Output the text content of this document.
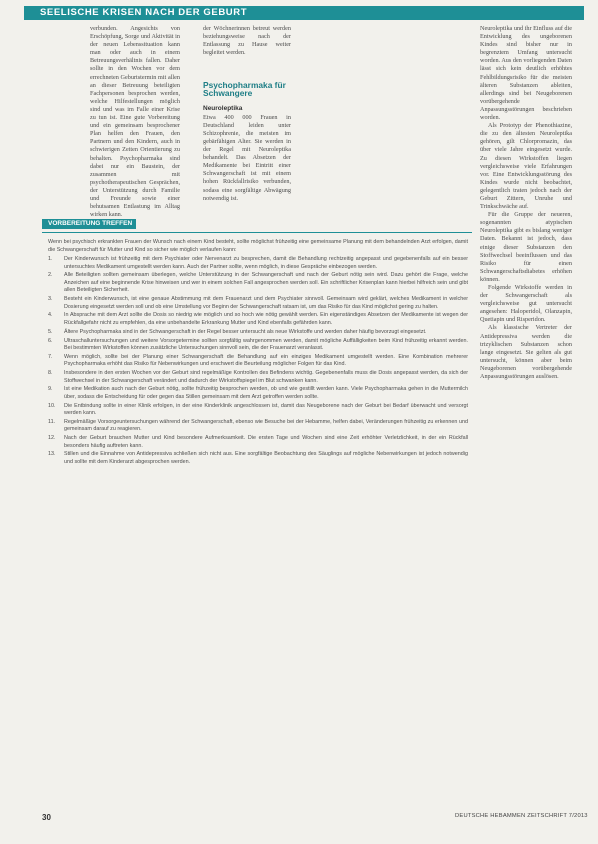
SEELISCHE KRISEN NACH DER GEBURT

verbunden. Angesichts von Erschöpfung, Sorge und Aktivität in der neuen Lebenssituation kann man oder auch in einem Betreuungsverhältnis fallen. Daher sollte in den Wochen vor dem errechneten Geburtstermin mit allen an dieser Betreuung beteiligten Fachpersonen besprochen werden, welche Hilfestellungen möglich sind und was im Falle einer Krise zu tun ist. Eine gute Vorbereitung und ein gemeinsam besprochener Plan helfen den Frauen, den Partnern und den Kindern, auch in schwierigen Zeiten Orientierung zu behalten. Psychopharmaka sind dabei nur ein Baustein, der zusammen mit psychotherapeutischen Gesprächen, der Unterstützung durch Familie und Freunde sowie einer behutsamen Entlastung im Alltag wirken kann.

der Wöchnerinnen betreut werden beziehungsweise nach der Entlassung zu Hause weiter begleitet werden.

Psychopharmaka für Schwangere
Neuroleptika

Etwa 400 000 Frauen in Deutschland leiden unter Schizophrenie, die meisten im gebärfähigen Alter. Sie werden in der Regel mit Neuroleptika behandelt. Das Absetzen der Medikamente bei Eintritt einer Schwangerschaft ist mit einem hohen Rückfallrisiko verbunden, sodass eine sorgfältige Abwägung notwendig ist.

Neuroleptika und ihr Einfluss auf die Entwicklung des ungeborenen Kindes sind bisher nur in begrenztem Umfang untersucht worden. Aus den vorliegenden Daten lässt sich kein deutlich erhöhtes Fehlbildungsrisiko für die meisten älteren Substanzen ableiten, allerdings sind bei Neugeborenen vorübergehende Anpassungsstörungen beschrieben worden.

Als Prototyp der Phenothiazine, die zu den ältesten Neuroleptika gehören, gilt Chlorpromazin, das über viele Jahre eingesetzt wurde. Zu diesen Wirkstoffen liegen vergleichsweise viele Erfahrungen vor. Eine Entwicklungsstörung des Kindes wurde nicht beobachtet, gelegentlich traten jedoch nach der Geburt Zittern, Unruhe und Trinkschwäche auf.

Für die Gruppe der neueren, sogenannten atypischen Neuroleptika gibt es bislang weniger Daten. Bekannt ist jedoch, dass einige dieser Substanzen den Stoffwechsel beeinflussen und das Risiko für einen Schwangerschaftsdiabetes erhöhen können.

Folgende Wirkstoffe werden in der Schwangerschaft als vergleichsweise gut untersucht angesehen: Haloperidol, Olanzapin, Quetiapin und Risperidon.

Als klassische Vertreter der Antidepressiva werden die trizyklischen Substanzen schon lange eingesetzt. Sie gelten als gut untersucht, können aber beim Neugeborenen vorübergehende Anpassungsstörungen auslösen.

VORBEREITUNG TREFFEN

Wenn bei psychisch erkrankten Frauen der Wunsch nach einem Kind besteht, sollte möglichst frühzeitig eine gemeinsame Planung mit dem behandelnden Arzt erfolgen, damit die Schwangerschaft für Mutter und Kind so sicher wie möglich verlaufen kann:

1. Der Kinderwunsch ist frühzeitig mit dem Psychiater oder Nervenarzt zu besprechen, damit die Behandlung rechtzeitig angepasst und gegebenenfalls auf ein besser untersuchtes Medikament umgestellt werden kann. Auch der Partner sollte, wenn möglich, in diese Gespräche einbezogen werden.
2. Alle Beteiligten sollten gemeinsam überlegen, welche Unterstützung in der Schwangerschaft und nach der Geburt nötig sein wird. Dazu gehört die Frage, welche Anzeichen auf eine beginnende Krise hinweisen und wer in einem solchen Fall angesprochen werden soll. Ein schriftlicher Krisenplan kann hierbei hilfreich sein und gibt allen Beteiligten Sicherheit.
3. Besteht ein Kinderwunsch, ist eine genaue Abstimmung mit dem Frauenarzt und dem Psychiater sinnvoll. Gemeinsam wird geklärt, welches Medikament in welcher Dosierung eingesetzt werden soll und ob eine Umstellung vor Beginn der Schwangerschaft ratsam ist, um das Risiko für das Kind möglichst gering zu halten.
4. In Absprache mit dem Arzt sollte die Dosis so niedrig wie möglich und so hoch wie nötig gewählt werden. Ein eigenständiges Absetzen der Medikamente ist wegen der Rückfallgefahr nicht zu empfehlen, da eine unbehandelte Erkrankung Mutter und Kind ebenfalls gefährden kann.
5. Ältere Psychopharmaka sind in der Schwangerschaft in der Regel besser untersucht als neue Wirkstoffe und werden daher häufig bevorzugt eingesetzt.
6. Ultraschalluntersuchungen und weitere Vorsorgetermine sollten sorgfältig wahrgenommen werden, damit mögliche Auffälligkeiten beim Kind frühzeitig erkannt werden. Bei bestimmten Wirkstoffen können zusätzliche Untersuchungen sinnvoll sein, die der Frauenarzt veranlasst.
7. Wenn möglich, sollte bei der Planung einer Schwangerschaft die Behandlung auf ein einziges Medikament umgestellt werden. Eine Kombination mehrerer Psychopharmaka erhöht das Risiko für Nebenwirkungen und erschwert die Beurteilung möglicher Folgen für das Kind.
8. Insbesondere in den ersten Wochen vor der Geburt sind regelmäßige Kontrollen des Befindens wichtig. Gegebenenfalls muss die Dosis angepasst werden, da sich der Stoffwechsel in der Schwangerschaft verändert und dadurch der Wirkstoffspiegel im Blut schwanken kann.
9. Ist eine Medikation auch nach der Geburt nötig, sollte frühzeitig besprochen werden, ob und wie gestillt werden kann. Viele Psychopharmaka gehen in die Muttermilch über, sodass die Entscheidung für oder gegen das Stillen gemeinsam mit dem Arzt getroffen werden sollte.
10. Die Entbindung sollte in einer Klinik erfolgen, in der eine Kinderklinik angeschlossen ist, damit das Neugeborene nach der Geburt bei Bedarf überwacht und versorgt werden kann.
11. Regelmäßige Vorsorgeuntersuchungen während der Schwangerschaft, ebenso wie Besuche bei der Hebamme, helfen dabei, Veränderungen frühzeitig zu erkennen und gemeinsam darauf zu reagieren.
12. Nach der Geburt brauchen Mutter und Kind besondere Aufmerksamkeit. Die ersten Tage und Wochen sind eine Zeit erhöhter Verletzlichkeit, in der ein Rückfall besonders häufig auftreten kann.
13. Stillen und die Einnahme von Antidepressiva schließen sich nicht aus. Eine sorgfältige Beobachtung des Säuglings auf mögliche Nebenwirkungen ist jedoch notwendig und sollte mit dem Kinderarzt abgesprochen werden.
30	DEUTSCHE HEBAMMEN ZEITSCHRIFT 7/2013
